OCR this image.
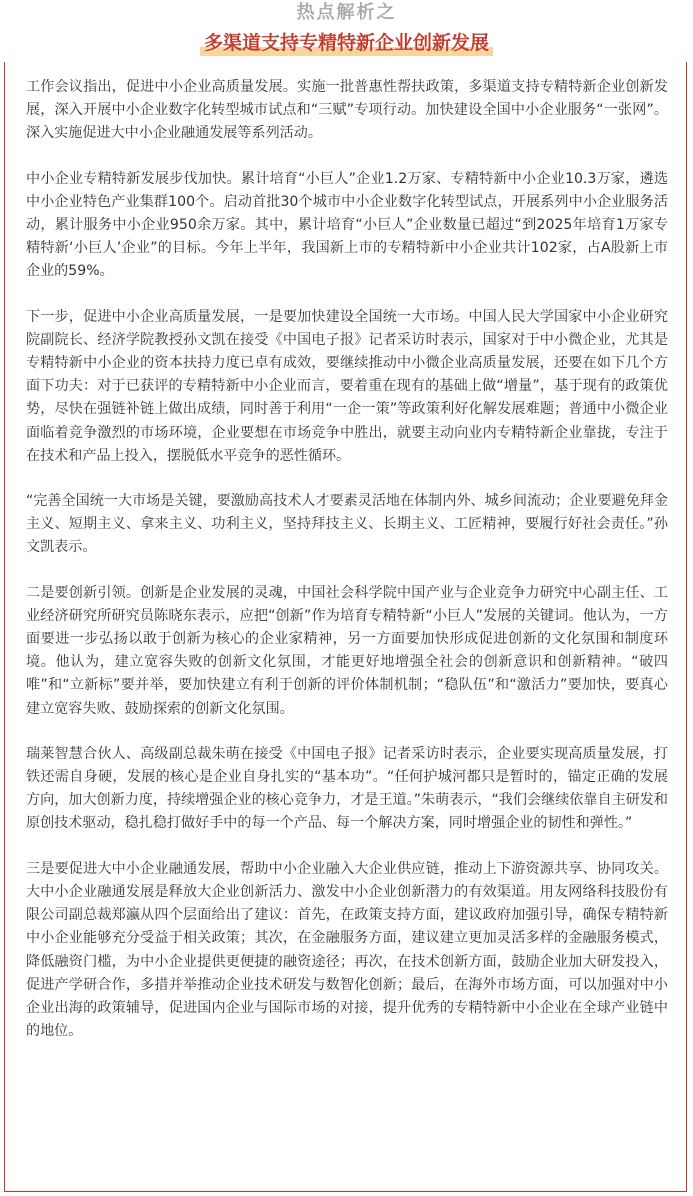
热点解析之
多渠道支持专精特新企业创新发展

工作会议指出，促进中小企业高质量发展。实施一批普惠性帮扶政策，多渠道支持专精特新企业创新发展，深入开展中小企业数字化转型城市试点和“三赋”专项行动。加快建设全国中小企业服务“一张网”。深入实施促进大中小企业融通发展等系列活动。

中小企业专精特新发展步伐加快。累计培育“小巨人”企业1.2万家、专精特新中小企业10.3万家，遴选中小企业特色产业集群100个。启动首批30个城市中小企业数字化转型试点，开展系列中小企业服务活动，累计服务中小企业950余万家。其中，累计培育“小巨人”企业数量已超过“到2025年培育1万家专精特新‘小巨人’企业”的目标。今年上半年，我国新上市的专精特新中小企业共计102家，占A股新上市企业的59%。

下一步，促进中小企业高质量发展，一是要加快建设全国统一大市场。中国人民大学国家中小企业研究院副院长、经济学院教授孙文凯在接受《中国电子报》记者采访时表示，国家对于中小微企业，尤其是专精特新中小企业的资本扶持力度已卓有成效，要继续推动中小微企业高质量发展，还要在如下几个方面下功夫：对于已获评的专精特新中小企业而言，要着重在现有的基础上做“增量”，基于现有的政策优势，尽快在强链补链上做出成绩，同时善于利用“一企一策”等政策利好化解发展难题；普通中小微企业面临着竞争激烈的市场环境，企业要想在市场竞争中胜出，就要主动向业内专精特新企业靠拢，专注于在技术和产品上投入，摆脱低水平竞争的恶性循环。

“完善全国统一大市场是关键，要激励高技术人才要素灵活地在体制内外、城乡间流动；企业要避免拜金主义、短期主义、拿来主义、功利主义，坚持拜技主义、长期主义、工匠精神，要履行好社会责任。”孙文凯表示。

二是要创新引领。创新是企业发展的灵魂，中国社会科学院中国产业与企业竞争力研究中心副主任、工业经济研究所研究员陈晓东表示，应把“创新”作为培育专精特新“小巨人”发展的关键词。他认为，一方面要进一步弘扬以敢于创新为核心的企业家精神，另一方面要加快形成促进创新的文化氛围和制度环境。他认为，建立宽容失败的创新文化氛围，才能更好地增强全社会的创新意识和创新精神。“破四唯”和“立新标”要并举，要加快建立有利于创新的评价体制机制；“稳队伍”和“激活力”要加快，要真心建立宽容失败、鼓励探索的创新文化氛围。

瑞莱智慧合伙人、高级副总裁朱萌在接受《中国电子报》记者采访时表示，企业要实现高质量发展，打铁还需自身硬，发展的核心是企业自身扎实的“基本功”。“任何护城河都只是暂时的，锚定正确的发展方向，加大创新力度，持续增强企业的核心竞争力，才是王道。”朱萌表示，“我们会继续依靠自主研发和原创技术驱动，稳扎稳打做好手中的每一个产品、每一个解决方案，同时增强企业的韧性和弹性。”

三是要促进大中小企业融通发展，帮助中小企业融入大企业供应链，推动上下游资源共享、协同攻关。大中小企业融通发展是释放大企业创新活力、激发中小企业创新潜力的有效渠道。用友网络科技股份有限公司副总裁郑瀛从四个层面给出了建议：首先，在政策支持方面，建议政府加强引导，确保专精特新中小企业能够充分受益于相关政策；其次，在金融服务方面，建议建立更加灵活多样的金融服务模式，降低融资门槛，为中小企业提供更便捷的融资途径；再次，在技术创新方面，鼓励企业加大研发投入，促进产学研合作，多措并举推动企业技术研发与数智化创新；最后，在海外市场方面，可以加强对中小企业出海的政策辅导，促进国内企业与国际市场的对接，提升优秀的专精特新中小企业在全球产业链中的地位。
